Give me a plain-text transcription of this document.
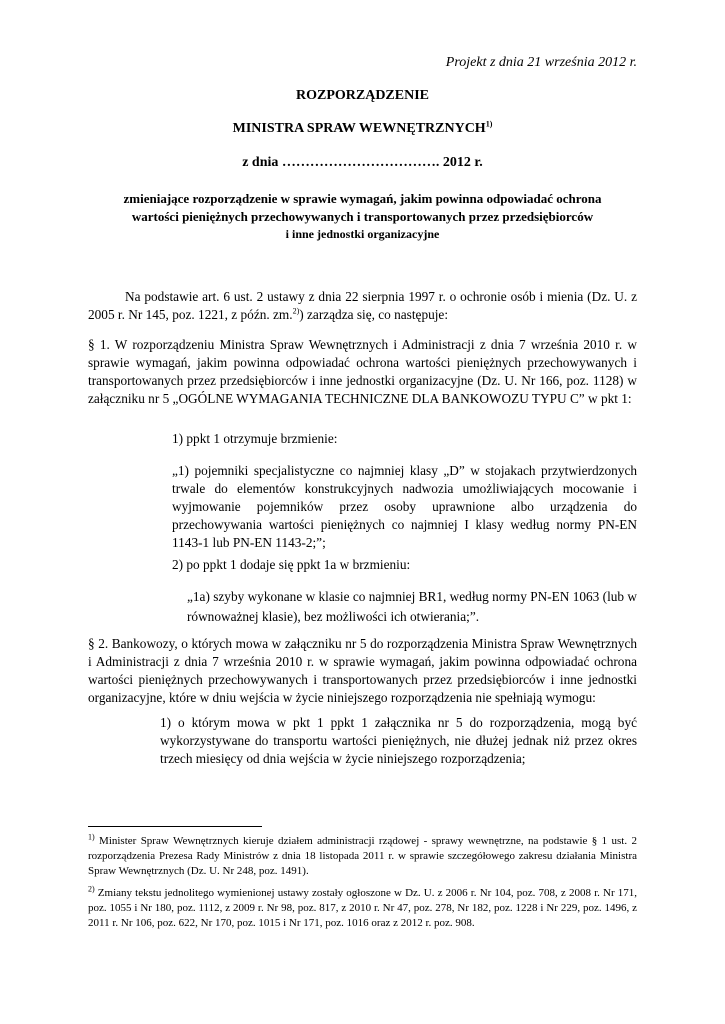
Projekt z dnia 21 września 2012 r.
ROZPORZĄDZENIE
MINISTRA SPRAW WEWNĘTRZNYCH$^{1)}$
z dnia ……………………………. 2012 r.
zmieniające rozporządzenie w sprawie wymagań, jakim powinna odpowiadać ochrona
wartości pieniężnych przechowywanych i transportowanych przez przedsiębiorców
i inne jednostki organizacyjne
Na podstawie art. 6 ust. 2 ustawy z dnia 22 sierpnia 1997 r. o ochronie osób i mienia (Dz. U. z 2005 r. Nr 145, poz. 1221, z późn. zm.$^{2)}$) zarządza się, co następuje:
§ 1. W rozporządzeniu Ministra Spraw Wewnętrznych i Administracji z dnia 7 września 2010 r. w sprawie wymagań, jakim powinna odpowiadać ochrona wartości pieniężnych przechowywanych i transportowanych przez przedsiębiorców i inne jednostki organizacyjne (Dz. U. Nr 166, poz. 1128) w załączniku nr 5 „OGÓLNE WYMAGANIA TECHNICZNE DLA BANKOWOZU TYPU C” w pkt 1:
1) ppkt 1 otrzymuje brzmienie:
„1) pojemniki specjalistyczne co najmniej klasy „D” w stojakach przytwierdzonych trwale do elementów konstrukcyjnych nadwozia umożliwiających mocowanie i wyjmowanie pojemników przez osoby uprawnione albo urządzenia do przechowywania wartości pieniężnych co najmniej I klasy według normy PN-EN 1143-1 lub PN-EN 1143-2;”;
2) po ppkt 1 dodaje się ppkt 1a w brzmieniu:
„1a) szyby wykonane w klasie co najmniej BR1, według normy PN-EN 1063 (lub w równoważnej klasie), bez możliwości ich otwierania;”.
§ 2. Bankowozy, o których mowa w załączniku nr 5 do rozporządzenia Ministra Spraw Wewnętrznych i Administracji z dnia 7 września 2010 r. w sprawie wymagań, jakim powinna odpowiadać ochrona wartości pieniężnych przechowywanych i transportowanych przez przedsiębiorców i inne jednostki organizacyjne, które w dniu wejścia w życie niniejszego rozporządzenia nie spełniają wymogu:
1) o którym mowa w pkt 1 ppkt 1 załącznika nr 5 do rozporządzenia, mogą być wykorzystywane do transportu wartości pieniężnych, nie dłużej jednak niż przez okres trzech miesięcy od dnia wejścia w życie niniejszego rozporządzenia;
$^{1)}$ Minister Spraw Wewnętrznych kieruje działem administracji rządowej - sprawy wewnętrzne, na podstawie § 1 ust. 2 rozporządzenia Prezesa Rady Ministrów z dnia 18 listopada 2011 r. w sprawie szczegółowego zakresu działania Ministra Spraw Wewnętrznych (Dz. U. Nr 248, poz. 1491).
$^{2)}$ Zmiany tekstu jednolitego wymienionej ustawy zostały ogłoszone w Dz. U. z 2006 r. Nr 104, poz. 708, z 2008 r. Nr 171, poz. 1055 i Nr 180, poz. 1112, z 2009 r. Nr 98, poz. 817, z 2010 r. Nr 47, poz. 278, Nr 182, poz. 1228 i Nr 229, poz. 1496, z 2011 r. Nr 106, poz. 622, Nr 170, poz. 1015 i Nr 171, poz. 1016 oraz z 2012 r. poz. 908.
